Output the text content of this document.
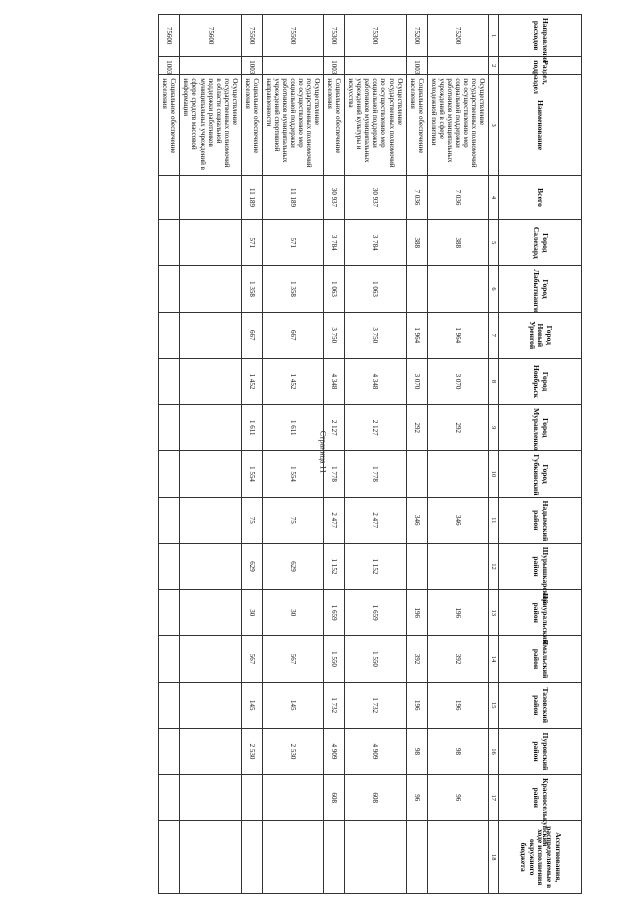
Страница 11
Направление расходов	Раздел, подраздел	Наименование	Всего	Город Салехард	Город Лабытнанги	Город Новый Уренгой	Город Ноябрьск	Город Муравленко	Город Губкинский	Надымский район	Шурышкарский район	Приуральский район	Ямальский район	Тазовский район	Пуровский район	Красноселькупский район	Ассигнования, распределяемые в ходе исполнения окружного бюджета
1	2	3	4	5	6	7	8	9	10	11	12	13	14	15	16	17	18
75200		Осуществление государственных полномочий по осуществлению мер социальной поддержки работников муниципальных учреждений в сфере молодежной политики	7 036	388		1 964	3 070	292		346		196	392	196	98	96	
75200	1003	Социальное обеспечение населения	7 036	388		1 964	3 070	292		346		196	392	196	98	96	
75300		Осуществление государственных полномочий по осуществлению мер социальной поддержки работников муниципальных учреждений культуры и искусства	30 937	3 784	1 063	3 750	4 348	2 127	1 778	2 477	1 152	1 659	1 550	1 732	4 909	608	
75300	1003	Социальное обеспечение населения	30 937	3 784	1 063	3 750	4 348	2 127	1 778	2 477	1 152	1 659	1 550	1 732	4 909	608	
75500		Осуществление государственных полномочий по осуществлению мер социальной поддержки работников муниципальных учреждений спортивной направленности	11 189	571	1 358	667	1 452	1 611	1 554	75	629	30	567	145	2 530		
75500	1003	Социальное обеспечение населения	11 189	571	1 358	667	1 452	1 611	1 554	75	629	30	567	145	2 530		
75600		Осуществление государственных полномочий в области социальной поддержки работников муниципальных учреждений в сфере средств массовой информации															
75600	1003	Социальное обеспечение населения															
